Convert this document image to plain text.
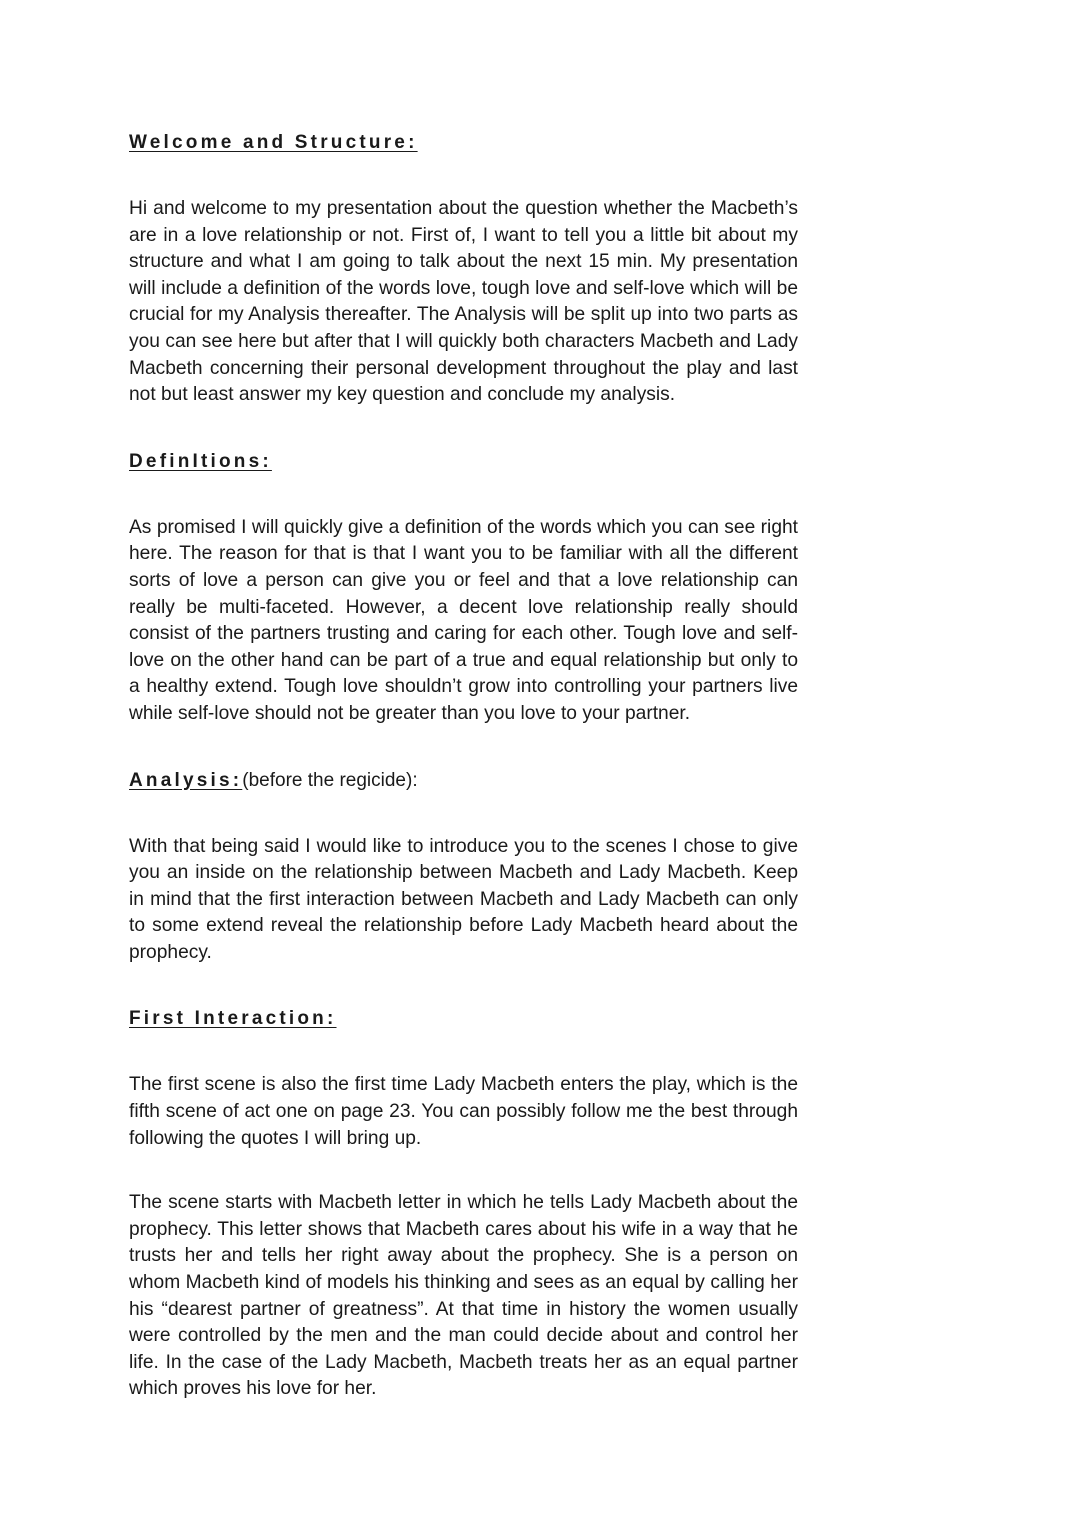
Welcome and Structure:

Hi and welcome to my presentation about the question whether the Macbeth’s are in a love relationship or not. First of, I want to tell you a little bit about my structure and what I am going to talk about the next 15 min. My presentation will include a definition of the words love, tough love and self-love which will be crucial for my Analysis thereafter. The Analysis will be split up into two parts as you can see here but after that I will quickly both characters Macbeth and Lady Macbeth concerning their personal development throughout the play and last not but least answer my key question and conclude my analysis.

DefinItions:

As promised I will quickly give a definition of the words which you can see right here. The reason for that is that I want you to be familiar with all the different sorts of love a person can give you or feel and that a love relationship can really be multi-faceted. However, a decent love relationship really should consist of the partners trusting and caring for each other. Tough love and self-love on the other hand can be part of a true and equal relationship but only to a healthy extend. Tough love shouldn’t grow into controlling your partners live while self-love should not be greater than you love to your partner.

Analysis:(before the regicide):

With that being said I would like to introduce you to the scenes I chose to give you an inside on the relationship between Macbeth and Lady Macbeth. Keep in mind that the first interaction between Macbeth and Lady Macbeth can only to some extend reveal the relationship before Lady Macbeth heard about the prophecy.

First Interaction:

The first scene is also the first time Lady Macbeth enters the play, which is the fifth scene of act one on page 23. You can possibly follow me the best through following the quotes I will bring up.

The scene starts with Macbeth letter in which he tells Lady Macbeth about the prophecy. This letter shows that Macbeth cares about his wife in a way that he trusts her and tells her right away about the prophecy. She is a person on whom Macbeth kind of models his thinking and sees as an equal by calling her his “dearest partner of greatness”. At that time in history the women usually were controlled by the men and the man could decide about and control her life. In the case of the Lady Macbeth, Macbeth treats her as an equal partner which proves his love for her.
